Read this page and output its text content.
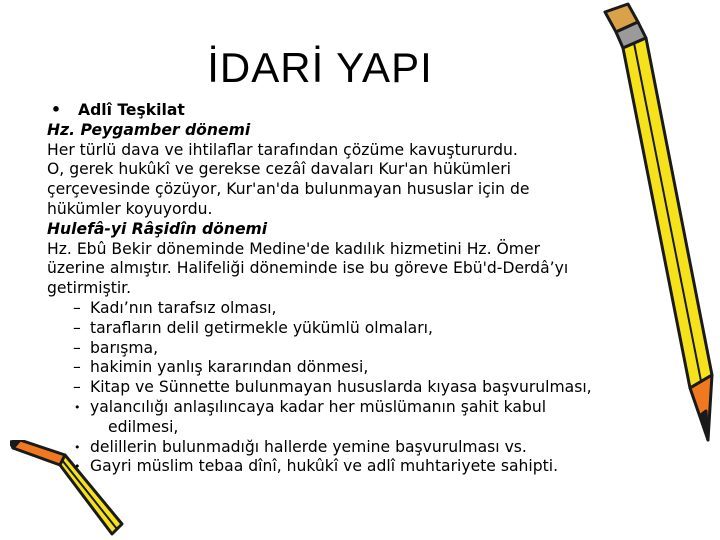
İDARİ YAPI
• Adlî Teşkilat
Hz. Peygamber dönemi
Her türlü dava ve ihtilaflar tarafından çözüme kavuştururdu.
O, gerek hukûkî ve gerekse cezâî davaları Kur'an hükümleri
çerçevesinde çözüyor, Kur'an'da bulunmayan hususlar için de
hükümler koyuyordu.
Hulefâ-yi Râşidîn dönemi
Hz. Ebû Bekir döneminde Medine'de kadılık hizmetini Hz. Ömer
üzerine almıştır. Halifeliği döneminde ise bu göreve Ebü'd-Derdâ’yı
getirmiştir.
– Kadı’nın tarafsız olması,
– tarafların delil getirmekle yükümlü olmaları,
– barışma,
– hakimin yanlış kararından dönmesi,
– Kitap ve Sünnette bulunmayan hususlarda kıyasa başvurulması,
• yalancılığı anlaşılıncaya kadar her müslümanın şahit kabul
edilmesi,
• delillerin bulunmadığı hallerde yemine başvurulması vs.
• Gayri müslim tebaa dînî, hukûkî ve adlî muhtariyete sahipti.
